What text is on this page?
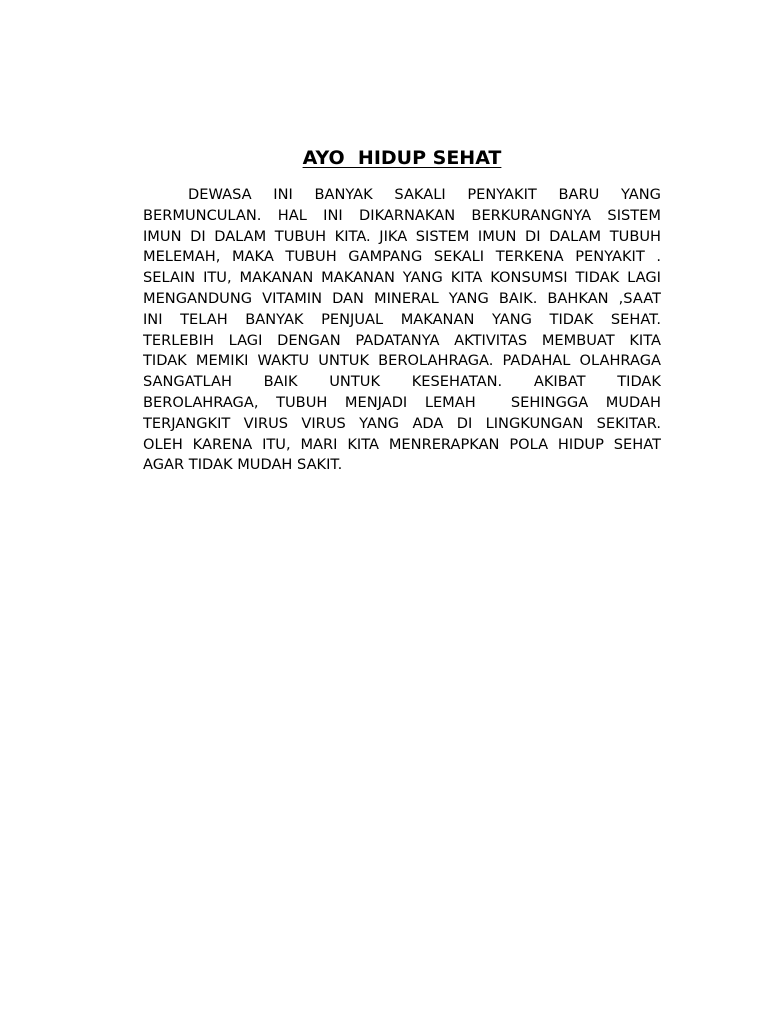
AYO  HIDUP SEHAT
DEWASA INI BANYAK SAKALI PENYAKIT BARU YANG
BERMUNCULAN. HAL INI DIKARNAKAN BERKURANGNYA SISTEM
IMUN DI DALAM TUBUH KITA. JIKA SISTEM IMUN DI DALAM TUBUH
MELEMAH, MAKA TUBUH GAMPANG SEKALI TERKENA PENYAKIT .
SELAIN ITU, MAKANAN MAKANAN YANG KITA KONSUMSI TIDAK LAGI
MENGANDUNG VITAMIN DAN MINERAL YANG BAIK. BAHKAN ,SAAT
INI TELAH BANYAK PENJUAL MAKANAN YANG TIDAK SEHAT.
TERLEBIH LAGI DENGAN PADATANYA AKTIVITAS MEMBUAT KITA
TIDAK MEMIKI WAKTU UNTUK BEROLAHRAGA. PADAHAL OLAHRAGA
SANGATLAH BAIK UNTUK KESEHATAN. AKIBAT TIDAK
BEROLAHRAGA, TUBUH MENJADI LEMAH  SEHINGGA MUDAH
TERJANGKIT VIRUS VIRUS YANG ADA DI LINGKUNGAN SEKITAR.
OLEH KARENA ITU, MARI KITA MENRERAPKAN POLA HIDUP SEHAT
AGAR TIDAK MUDAH SAKIT.
